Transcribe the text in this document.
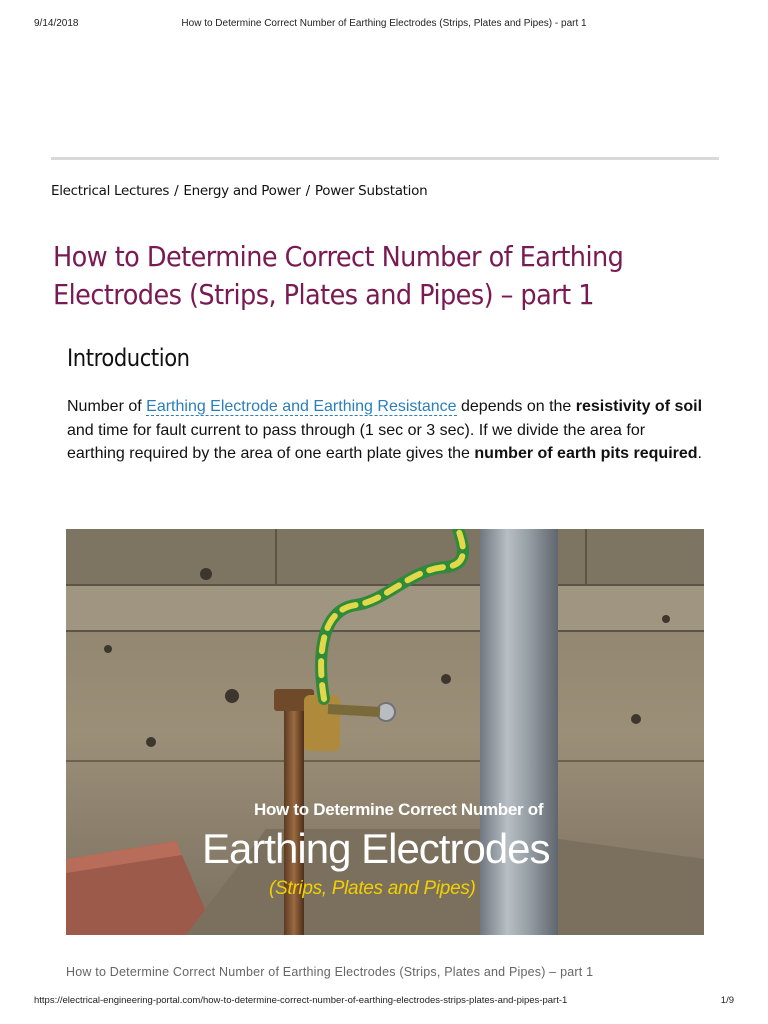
9/14/2018	How to Determine Correct Number of Earthing Electrodes (Strips, Plates and Pipes) - part 1
Electrical Lectures / Energy and Power / Power Substation
How to Determine Correct Number of Earthing Electrodes (Strips, Plates and Pipes) – part 1
Introduction

Number of Earthing Electrode and Earthing Resistance depends on the resistivity of soil and time for fault current to pass through (1 sec or 3 sec). If we divide the area for earthing required by the area of one earth plate gives the number of earth pits required.

How to Determine Correct Number of
Earthing Electrodes
(Strips, Plates and Pipes)
How to Determine Correct Number of Earthing Electrodes (Strips, Plates and Pipes) – part 1
https://electrical-engineering-portal.com/how-to-determine-correct-number-of-earthing-electrodes-strips-plates-and-pipes-part-1	1/9
